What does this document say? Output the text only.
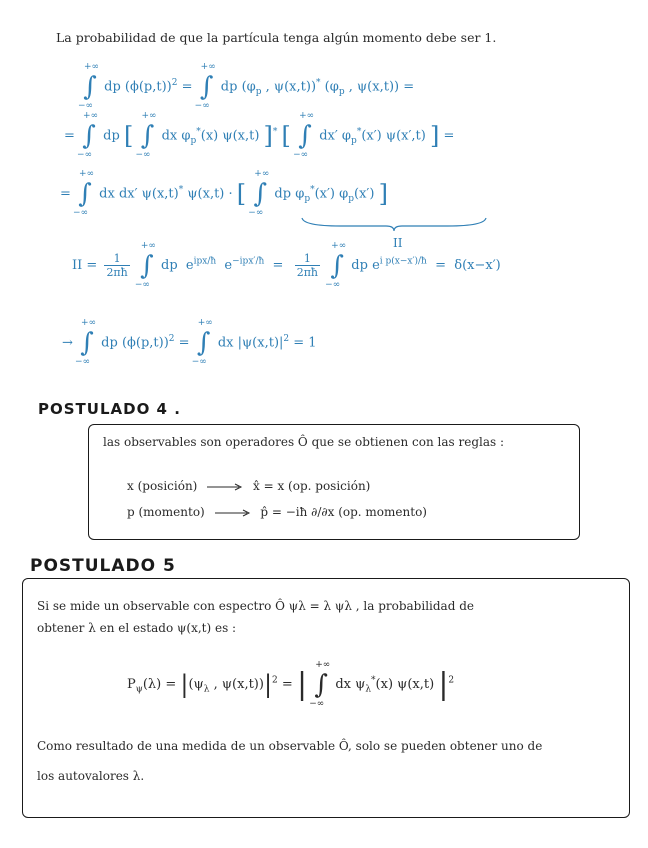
La probabilidad de que la partícula tenga algún momento debe ser 1.
+∞
∫
−∞
dp $(\phi(p,t))^2$ =
+∞
∫
−∞
dp ($\varphi_p$ , ψ(x,t))* ($\varphi_p$ , ψ(x,t)) =
=
+∞
∫
−∞
dp [
+∞
∫
−∞
dx $\varphi_p^*(x)$ ψ(x,t) ]* [
+∞
∫
−∞
dx′ $\varphi_p^*(x')$ ψ(x′,t) ] =
=
+∞
∫
−∞
dx dx′ ψ(x,t)* ψ(x,t) · [
+∞
∫
−∞
dp $\varphi_p^*(x')$ $\varphi_p(x')$ ]
II
II = $\frac{1}{2\pi ħ}$

+∞
∫
−∞
dp  $e^{ipx/ħ}$  $e^{-ipx'/ħ} = \frac{1}{2\pi ħ}$

+∞
∫
−∞
dp $e^{i p(x-x')/ħ} = \delta(x-x')$
→
+∞
∫
−∞
dp $(\phi(p,t))^2$ =
+∞
∫
−∞
dx $|\psi(x,t)|^2 = 1$
POSTULADO 4 .
las observables son operadores Ô que se obtienen con las reglas :
x (posición)	x̂ = x (op. posición)
p (momento)	p̂ = −iħ ∂/∂x (op. momento)
POSTULADO 5
Si se mide un observable con espectro Ô ψλ = λ ψλ , la probabilidad de
obtener λ en el estado ψ(x,t) es :
$P_\psi(\lambda) = |(\psi_\lambda$ , $\psi(x,t))|^2$ = |
+∞
∫
−∞
dx $\psi_\lambda^*(x)$ ψ(x,t) $|^2$
Como resultado de una medida de un observable Ô, solo se pueden obtener uno de
los autovalores λ.
